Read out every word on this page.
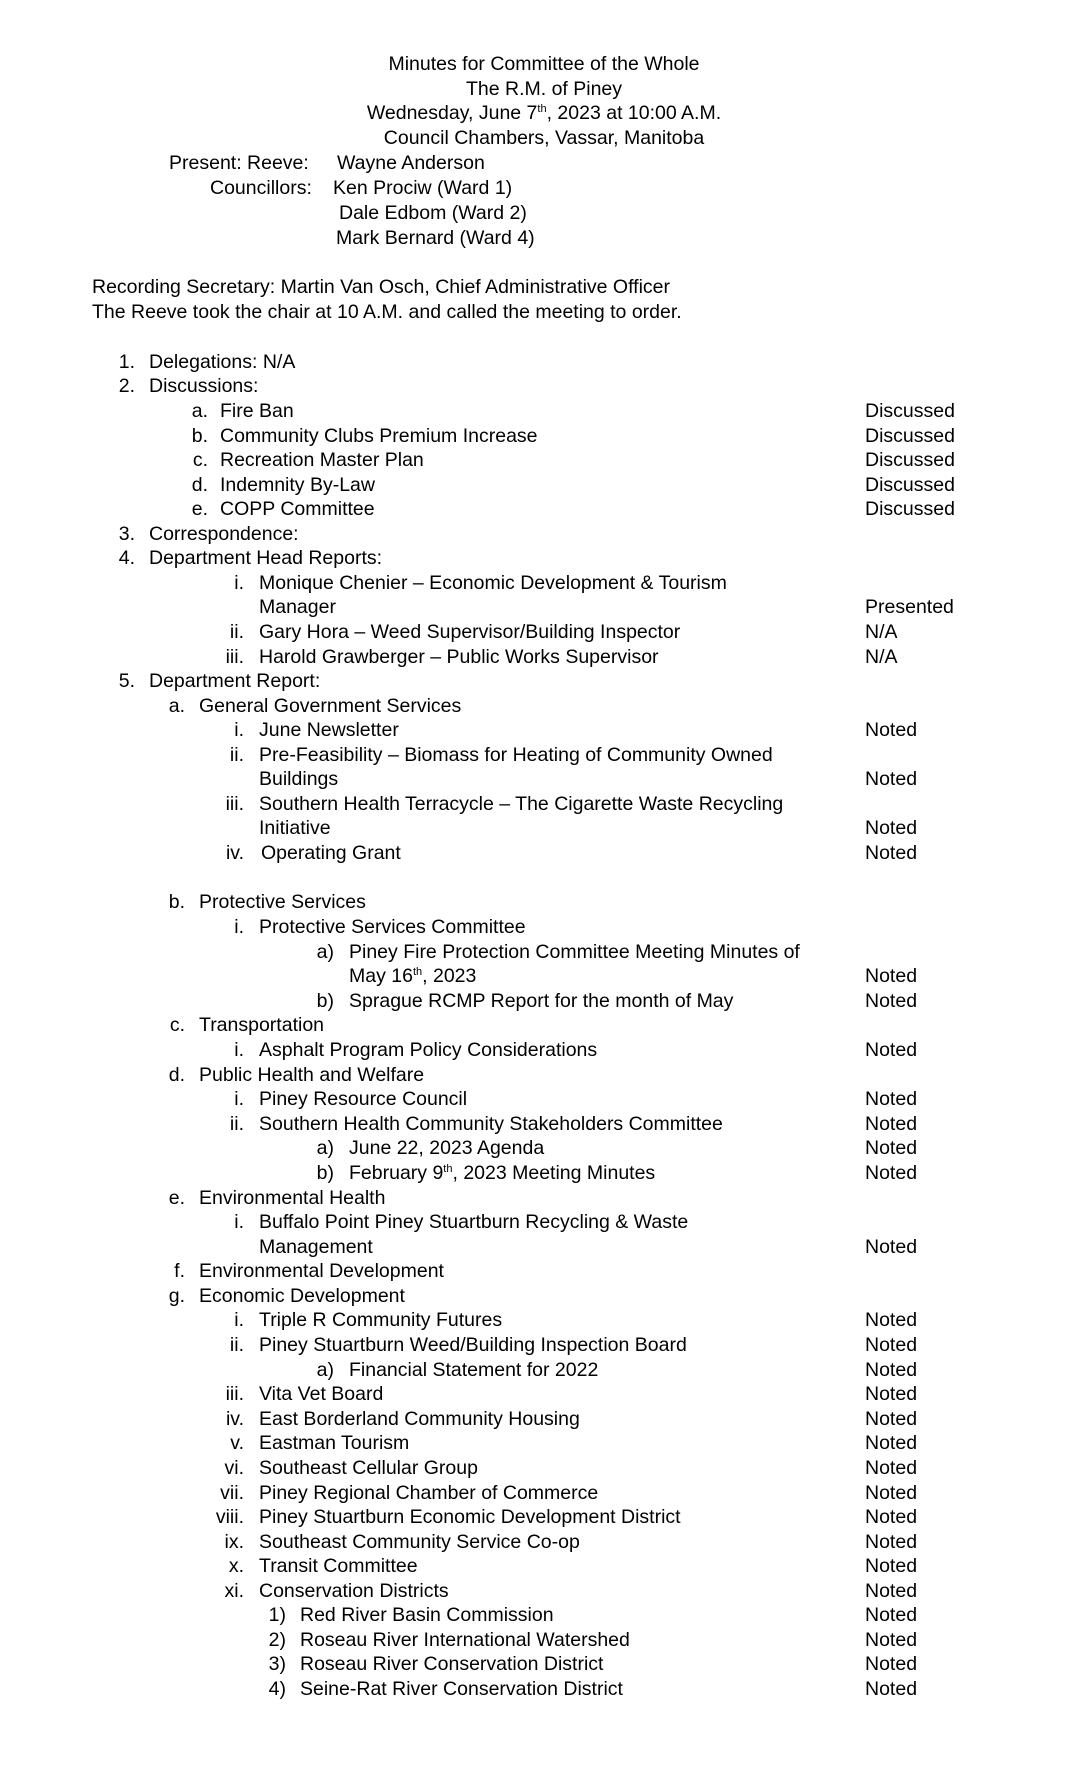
Minutes for Committee of the Whole
The R.M. of Piney
Wednesday, June 7th, 2023 at 10:00 A.M.
Council Chambers, Vassar, Manitoba
Present: Reeve: Wayne Anderson
Councillors: Ken Prociw (Ward 1)
Dale Edbom (Ward 2)
Mark Bernard (Ward 4)
Recording Secretary: Martin Van Osch, Chief Administrative Officer
The Reeve took the chair at 10 A.M. and called the meeting to order.
1. Delegations: N/A
2. Discussions:
a. Fire Ban	Discussed
b. Community Clubs Premium Increase	Discussed
c. Recreation Master Plan	Discussed
d. Indemnity By-Law	Discussed
e. COPP Committee	Discussed
3. Correspondence:
4. Department Head Reports:
i. Monique Chenier – Economic Development & Tourism
Manager	Presented
ii. Gary Hora – Weed Supervisor/Building Inspector	N/A
iii. Harold Grawberger – Public Works Supervisor	N/A
5. Department Report:
a. General Government Services
i. June Newsletter	Noted
ii. Pre-Feasibility – Biomass for Heating of Community Owned
Buildings	Noted
iii. Southern Health Terracycle – The Cigarette Waste Recycling
Initiative	Noted
iv. Operating Grant	Noted
b. Protective Services
i. Protective Services Committee
a) Piney Fire Protection Committee Meeting Minutes of
May 16th, 2023	Noted
b) Sprague RCMP Report for the month of May	Noted
c. Transportation
i. Asphalt Program Policy Considerations	Noted
d. Public Health and Welfare
i. Piney Resource Council	Noted
ii. Southern Health Community Stakeholders Committee	Noted
a) June 22, 2023 Agenda	Noted
b) February 9th, 2023 Meeting Minutes	Noted
e. Environmental Health
i. Buffalo Point Piney Stuartburn Recycling & Waste
Management	Noted
f. Environmental Development
g. Economic Development
i. Triple R Community Futures	Noted
ii. Piney Stuartburn Weed/Building Inspection Board	Noted
a) Financial Statement for 2022	Noted
iii. Vita Vet Board	Noted
iv. East Borderland Community Housing	Noted
v. Eastman Tourism	Noted
vi. Southeast Cellular Group	Noted
vii. Piney Regional Chamber of Commerce	Noted
viii. Piney Stuartburn Economic Development District	Noted
ix. Southeast Community Service Co-op	Noted
x. Transit Committee	Noted
xi. Conservation Districts	Noted
1) Red River Basin Commission	Noted
2) Roseau River International Watershed	Noted
3) Roseau River Conservation District	Noted
4) Seine-Rat River Conservation District	Noted
